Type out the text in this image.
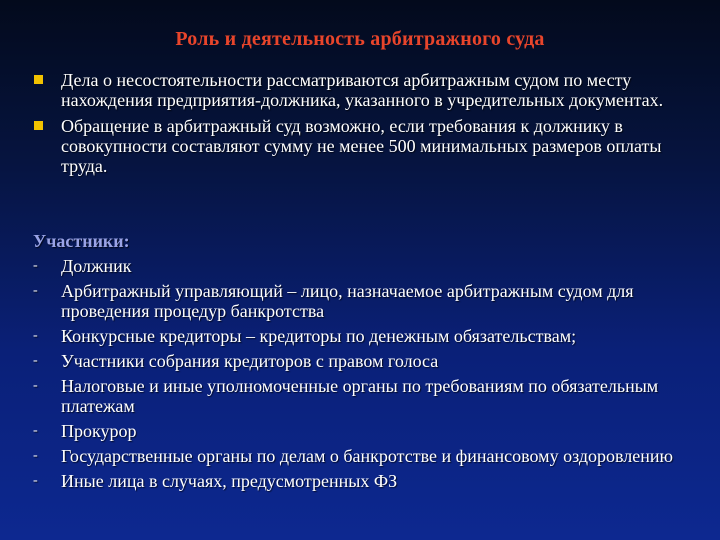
Роль и деятельность арбитражного суда
Дела о несостоятельности рассматриваются арбитражным судом по месту нахождения предприятия-должника, указанного в учредительных документах.
Обращение в арбитражный суд возможно, если требования к должнику в совокупности составляют сумму не менее 500 минимальных размеров оплаты труда.
Участники:
- Должник
- Арбитражный управляющий – лицо, назначаемое арбитражным судом для проведения процедур банкротства
- Конкурсные кредиторы – кредиторы по денежным обязательствам;
- Участники собрания кредиторов с правом голоса
- Налоговые и иные уполномоченные органы по требованиям по обязательным платежам
- Прокурор
- Государственные органы по делам о банкротстве и финансовому оздоровлению
- Иные лица в случаях, предусмотренных ФЗ
